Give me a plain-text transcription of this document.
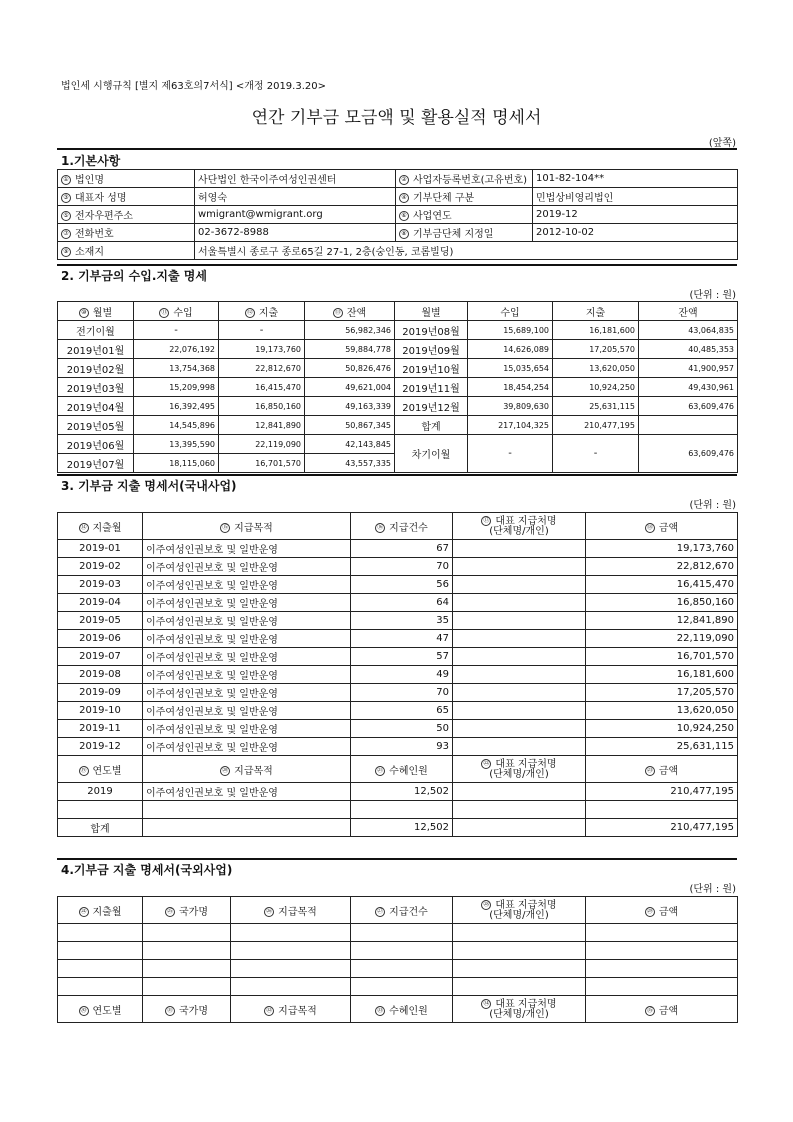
법인세 시행규칙 [별지 제63호의7서식] <개정 2019.3.20>
연간 기부금 모금액 및 활용실적 명세서
(앞쪽)
1.기본사항
① 법인명	사단법인 한국이주여성인권센터	② 사업자등록번호(고유번호)	101-82-104**
③ 대표자 성명	허영숙	④ 기부단체 구분	민법상비영리법인
⑤ 전자우편주소	wmigrant@wmigrant.org	⑥ 사업연도	2019-12
⑦ 전화번호	02-3672-8988	⑧ 기부금단체 지정일	2012-10-02
⑨ 소재지	서울특별시 종로구 종로65길 27-1, 2층(숭인동, 코롬빌딩)		
2. 기부금의 수입.지출 명세
(단위 : 원)
⑩ 월별	⑪ 수입	⑫ 지출	⑬ 잔액	월별	수입	지출	잔액
전기이월	-	-	56,982,346	2019년08월	15,689,100	16,181,600	43,064,835
2019년01월	22,076,192	19,173,760	59,884,778	2019년09월	14,626,089	17,205,570	40,485,353
2019년02월	13,754,368	22,812,670	50,826,476	2019년10월	15,035,654	13,620,050	41,900,957
2019년03월	15,209,998	16,415,470	49,621,004	2019년11월	18,454,254	10,924,250	49,430,961
2019년04월	16,392,495	16,850,160	49,163,339	2019년12월	39,809,630	25,631,115	63,609,476
2019년05월	14,545,896	12,841,890	50,867,345	합계	217,104,325	210,477,195	
2019년06월	13,395,590	22,119,090	42,143,845	차기이월	-	-	63,609,476
2019년07월	18,115,060	16,701,570	43,557,335				
3. 기부금 지출 명세서(국내사업)
(단위 : 원)
⑭ 지출월	⑮ 지급목적	⑯ 지급건수	⑰ 대표 지급처명
(단체명/개인)	⑱ 금액
2019-01	이주여성인권보호 및 일반운영	67		19,173,760
2019-02	이주여성인권보호 및 일반운영	70		22,812,670
2019-03	이주여성인권보호 및 일반운영	56		16,415,470
2019-04	이주여성인권보호 및 일반운영	64		16,850,160
2019-05	이주여성인권보호 및 일반운영	35		12,841,890
2019-06	이주여성인권보호 및 일반운영	47		22,119,090
2019-07	이주여성인권보호 및 일반운영	57		16,701,570
2019-08	이주여성인권보호 및 일반운영	49		16,181,600
2019-09	이주여성인권보호 및 일반운영	70		17,205,570
2019-10	이주여성인권보호 및 일반운영	65		13,620,050
2019-11	이주여성인권보호 및 일반운영	50		10,924,250
2019-12	이주여성인권보호 및 일반운영	93		25,631,115
⑲ 연도별	⑳ 지급목적	㉑ 수혜인원	㉒ 대표 지급처명
(단체명/개인)	㉓ 금액
2019	이주여성인권보호 및 일반운영	12,502		210,477,195

합계		12,502		210,477,195
4.기부금 지출 명세서(국외사업)
(단위 : 원)
㉔ 지출월	㉕ 국가명	㉖ 지급목적	㉗ 지급건수	㉘ 대표 지급처명
(단체명/개인)	㉙ 금액

㉚ 연도별	㉛ 국가명	㉜ 지급목적	㉝ 수혜인원	㉞ 대표 지급처명
(단체명/개인)	㉟ 금액
